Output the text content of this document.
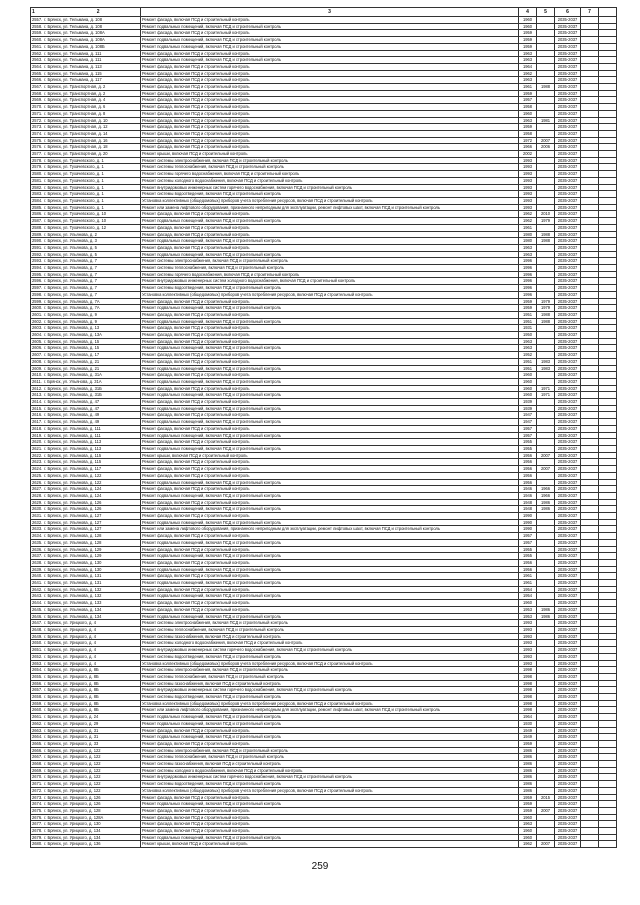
1 2	3	4	5	6	7	
2557. г. Брянск, ул. Тельмана, д. 108	Ремонт фасада, включая ПСД и строительный контроль	1960		2035-2037		
2558. г. Брянск, ул. Тельмана, д. 108	Ремонт подвальных помещений, включая ПСД и строительный контроль	1960		2035-2037		
2559. г. Брянск, ул. Тельмана, д. 108А	Ремонт фасада, включая ПСД и строительный контроль	1959		2035-2037		
2560. г. Брянск, ул. Тельмана, д. 108А	Ремонт подвальных помещений, включая ПСД и строительный контроль	1959		2035-2037		
2561. г. Брянск, ул. Тельмана, д. 108Б	Ремонт подвальных помещений, включая ПСД и строительный контроль	1959		2035-2037		
2562. г. Брянск, ул. Тельмана, д. 111	Ремонт фасада, включая ПСД и строительный контроль	1963		2035-2037		
2563. г. Брянск, ул. Тельмана, д. 111	Ремонт подвальных помещений, включая ПСД и строительный контроль	1963		2035-2037		
2564. г. Брянск, ул. Тельмана, д. 113	Ремонт фасада, включая ПСД и строительный контроль	1964		2035-2037		
2565. г. Брянск, ул. Тельмана, д. 115	Ремонт фасада, включая ПСД и строительный контроль	1962		2035-2037		
2566. г. Брянск, ул. Тельмана, д. 117	Ремонт фасада, включая ПСД и строительный контроль	1963		2035-2037		
2567. г. Брянск, ул. Транспортная, д. 2	Ремонт фасада, включая ПСД и строительный контроль	1961	1988	2035-2037		
2568. г. Брянск, ул. Транспортная, д. 2	Ремонт фасада, включая ПСД и строительный контроль	1959		2035-2037		
2569. г. Брянск, ул. Транспортная, д. 4	Ремонт фасада, включая ПСД и строительный контроль	1957		2035-2037		
2570. г. Брянск, ул. Транспортная, д. 6	Ремонт фасада, включая ПСД и строительный контроль	1958		2035-2037		
2571. г. Брянск, ул. Транспортная, д. 8	Ремонт фасада, включая ПСД и строительный контроль	1960		2035-2037		
2572. г. Брянск, ул. Транспортная, д. 10	Ремонт фасада, включая ПСД и строительный контроль	1963	1981	2035-2037		
2573. г. Брянск, ул. Транспортная, д. 12	Ремонт фасада, включая ПСД и строительный контроль	1959		2035-2037		
2574. г. Брянск, ул. Транспортная, д. 14	Ремонт фасада, включая ПСД и строительный контроль	1958		2035-2037		
2575. г. Брянск, ул. Транспортная, д. 16	Ремонт фасада, включая ПСД и строительный контроль	1972	2007	2035-2037		
2576. г. Брянск, ул. Транспортная, д. 18	Ремонт фасада, включая ПСД и строительный контроль	1966	2006	2035-2037		
2577. г. Брянск, ул. Транспортная, д. 20	Ремонт крыши, включая ПСД и строительный контроль	2002		2035-2037		
2578. г. Брянск, ул. Тухачевского, д. 1	Ремонт системы электроснабжения, включая ПСД и строительный контроль	1993		2035-2037		
2579. г. Брянск, ул. Тухачевского, д. 1	Ремонт системы теплоснабжения, включая ПСД и строительный контроль	1993		2035-2037		
2580. г. Брянск, ул. Тухачевского, д. 1	Ремонт системы горячего водоснабжения, включая ПСД и строительный контроль	1993		2035-2037		
2581. г. Брянск, ул. Тухачевского, д. 1	Ремонт системы холодного водоснабжения, включая ПСД и строительный контроль	1993		2035-2037		
2582. г. Брянск, ул. Тухачевского, д. 1	Ремонт внутридомовых инженерных систем горячего водоснабжения, включая ПСД и строительный контроль	1993		2035-2037		
2583. г. Брянск, ул. Тухачевского, д. 1	Ремонт системы водоотведения, включая ПСД и строительный контроль	1993		2035-2037		
2584. г. Брянск, ул. Тухачевского, д. 1	Установка коллективных (общедомовых) приборов учета потребления ресурсов, включая ПСД и строительный контроль	1993		2035-2037		
2585. г. Брянск, ул. Тухачевского, д. 1	Ремонт или замена лифтового оборудования, признанного непригодным для эксплуатации, ремонт лифтовых шахт, включая ПСД и строительный контроль	1993		2035-2037		
2586. г. Брянск, ул. Тухачевского, д. 10	Ремонт фасада, включая ПСД и строительный контроль	1962	2010	2035-2037		
2587. г. Брянск, ул. Тухачевского, д. 10	Ремонт подвальных помещений, включая ПСД и строительный контроль	1962	1979	2035-2037		
2588. г. Брянск, ул. Тухачевского, д. 12	Ремонт фасада, включая ПСД и строительный контроль	1961		2035-2037		
2589. г. Брянск, ул. Ульянова, д. 2	Ремонт фасада, включая ПСД и строительный контроль	1980	1988	2035-2037		
2590. г. Брянск, ул. Ульянова, д. 3	Ремонт подвальных помещений, включая ПСД и строительный контроль	1980	1988	2035-2037		
2591. г. Брянск, ул. Ульянова, д. 5	Ремонт фасада, включая ПСД и строительный контроль	1963		2035-2037		
2592. г. Брянск, ул. Ульянова, д. 5	Ремонт подвальных помещений, включая ПСД и строительный контроль	1963		2035-2037		
2593. г. Брянск, ул. Ульянова, д. 7	Ремонт системы электроснабжения, включая ПСД и строительный контроль	1996		2035-2037		
2594. г. Брянск, ул. Ульянова, д. 7	Ремонт системы теплоснабжения, включая ПСД и строительный контроль	1996		2035-2037		
2595. г. Брянск, ул. Ульянова, д. 7	Ремонт системы горячего водоснабжения, включая ПСД и строительный контроль	1996		2035-2037		
2596. г. Брянск, ул. Ульянова, д. 7	Ремонт внутридомовых инженерных систем холодного водоснабжения, включая ПСД и строительный контроль	1996		2035-2037		
2597. г. Брянск, ул. Ульянова, д. 7	Ремонт системы водоотведения, включая ПСД и строительный контроль	1996		2035-2037		
2598. г. Брянск, ул. Ульянова, д. 7	Установка коллективных (общедомовых) приборов учета потребления ресурсов, включая ПСД и строительный контроль	1996		2035-2037		
2599. г. Брянск, ул. Ульянова, д. 7А	Ремонт фасада, включая ПСД и строительный контроль	1959	1979	2035-2037		
2600. г. Брянск, ул. Ульянова, д. 7А	Ремонт подвальных помещений, включая ПСД и строительный контроль	1959	1979	2035-2037		
2601. г. Брянск, ул. Ульянова, д. 9	Ремонт фасада, включая ПСД и строительный контроль	1951	1988	2035-2037		
2602. г. Брянск, ул. Ульянова, д. 9	Ремонт подвальных помещений, включая ПСД и строительный контроль	1951	1988	2035-2037		
2603. г. Брянск, ул. Ульянова, д. 13	Ремонт фасада, включая ПСД и строительный контроль	1931		2035-2037		
2604. г. Брянск, ул. Ульянова, д. 13А	Ремонт фасада, включая ПСД и строительный контроль	1950		2035-2037		
2605. г. Брянск, ул. Ульянова, д. 15	Ремонт фасада, включая ПСД и строительный контроль	1963		2035-2037		
2606. г. Брянск, ул. Ульянова, д. 15	Ремонт подвальных помещений, включая ПСД и строительный контроль	1963		2035-2037		
2607. г. Брянск, ул. Ульянова, д. 17	Ремонт фасада, включая ПСД и строительный контроль	1952		2035-2037		
2608. г. Брянск, ул. Ульянова, д. 21	Ремонт фасада, включая ПСД и строительный контроль	1951	1983	2035-2037		
2609. г. Брянск, ул. Ульянова, д. 21	Ремонт подвальных помещений, включая ПСД и строительный контроль	1951	1983	2035-2037		
2610. г. Брянск, ул. Ульянова, д. 31А	Ремонт фасада, включая ПСД и строительный контроль	1960		2035-2037		
2611. г. Брянск, ул. Ульянова, д. 31А	Ремонт подвальных помещений, включая ПСД и строительный контроль	1960		2035-2037		
2612. г. Брянск, ул. Ульянова, д. 31Б	Ремонт фасада, включая ПСД и строительный контроль	1960	1971	2035-2037		
2613. г. Брянск, ул. Ульянова, д. 31Б	Ремонт подвальных помещений, включая ПСД и строительный контроль	1960	1971	2035-2037		
2614. г. Брянск, ул. Ульянова, д. 47	Ремонт фасада, включая ПСД и строительный контроль	1939		2035-2037		
2615. г. Брянск, ул. Ульянова, д. 47	Ремонт подвальных помещений, включая ПСД и строительный контроль	1939		2035-2037		
2616. г. Брянск, ул. Ульянова, д. 49	Ремонт фасада, включая ПСД и строительный контроль	1947		2035-2037		
2617. г. Брянск, ул. Ульянова, д. 49	Ремонт подвальных помещений, включая ПСД и строительный контроль	1947		2035-2037		
2618. г. Брянск, ул. Ульянова, д. 111	Ремонт фасада, включая ПСД и строительный контроль	1957		2035-2037		
2619. г. Брянск, ул. Ульянова, д. 111	Ремонт подвальных помещений, включая ПСД и строительный контроль	1957		2035-2037		
2620. г. Брянск, ул. Ульянова, д. 113	Ремонт фасада, включая ПСД и строительный контроль	1955		2035-2037		
2621. г. Брянск, ул. Ульянова, д. 113	Ремонт подвальных помещений, включая ПСД и строительный контроль	1955		2035-2037		
2622. г. Брянск, ул. Ульянова, д. 115	Ремонт крыши, включая ПСД и строительный контроль	1956	2007	2035-2037		
2623. г. Брянск, ул. Ульянова, д. 115	Ремонт фасада, включая ПСД и строительный контроль	1956		2035-2037		
2624. г. Брянск, ул. Ульянова, д. 117	Ремонт фасада, включая ПСД и строительный контроль	1956	2007	2035-2037		
2625. г. Брянск, ул. Ульянова, д. 122	Ремонт фасада, включая ПСД и строительный контроль	1956		2035-2037		
2626. г. Брянск, ул. Ульянова, д. 122	Ремонт подвальных помещений, включая ПСД и строительный контроль	1956		2035-2037		
2627. г. Брянск, ул. Ульянова, д. 124	Ремонт фасада, включая ПСД и строительный контроль	1946	1966	2035-2037		
2628. г. Брянск, ул. Ульянова, д. 124	Ремонт подвальных помещений, включая ПСД и строительный контроль	1946	1966	2035-2037		
2629. г. Брянск, ул. Ульянова, д. 126	Ремонт фасада, включая ПСД и строительный контроль	1948	1986	2035-2037		
2630. г. Брянск, ул. Ульянова, д. 126	Ремонт подвальных помещений, включая ПСД и строительный контроль	1948	1986	2035-2037		
2631. г. Брянск, ул. Ульянова, д. 127	Ремонт фасада, включая ПСД и строительный контроль	1990		2035-2037		
2632. г. Брянск, ул. Ульянова, д. 127	Ремонт подвальных помещений, включая ПСД и строительный контроль	1990		2035-2037		
2633. г. Брянск, ул. Ульянова, д. 127	Ремонт или замена лифтового оборудования, признанного непригодным для эксплуатации, ремонт лифтовых шахт, включая ПСД и строительный контроль	1990		2035-2037		
2634. г. Брянск, ул. Ульянова, д. 128	Ремонт фасада, включая ПСД и строительный контроль	1957		2035-2037		
2635. г. Брянск, ул. Ульянова, д. 128	Ремонт подвальных помещений, включая ПСД и строительный контроль	1957		2035-2037		
2636. г. Брянск, ул. Ульянова, д. 129	Ремонт фасада, включая ПСД и строительный контроль	1955		2035-2037		
2637. г. Брянск, ул. Ульянова, д. 129	Ремонт подвальных помещений, включая ПСД и строительный контроль	1955		2035-2037		
2638. г. Брянск, ул. Ульянова, д. 130	Ремонт фасада, включая ПСД и строительный контроль	1956		2035-2037		
2639. г. Брянск, ул. Ульянова, д. 130	Ремонт подвальных помещений, включая ПСД и строительный контроль	1956		2035-2037		
2640. г. Брянск, ул. Ульянова, д. 131	Ремонт фасада, включая ПСД и строительный контроль	1961		2035-2037		
2641. г. Брянск, ул. Ульянова, д. 131	Ремонт подвальных помещений, включая ПСД и строительный контроль	1961		2035-2037		
2642. г. Брянск, ул. Ульянова, д. 132	Ремонт фасада, включая ПСД и строительный контроль	1954		2035-2037		
2643. г. Брянск, ул. Ульянова, д. 132	Ремонт подвальных помещений, включая ПСД и строительный контроль	1954		2035-2037		
2644. г. Брянск, ул. Ульянова, д. 133	Ремонт фасада, включая ПСД и строительный контроль	1960		2035-2037		
2645. г. Брянск, ул. Ульянова, д. 134	Ремонт фасада, включая ПСД и строительный контроль	1953	1986	2035-2037		
2646. г. Брянск, ул. Ульянова, д. 134	Ремонт подвальных помещений, включая ПСД и строительный контроль	1953	1986	2035-2037		
2647. г. Брянск, ул. Урицкого, д. 4	Ремонт системы электроснабжения, включая ПСД и строительный контроль	1993		2035-2037		
2648. г. Брянск, ул. Урицкого, д. 4	Ремонт системы теплоснабжения, включая ПСД и строительный контроль	1993		2035-2037		
2649. г. Брянск, ул. Урицкого, д. 4	Ремонт системы газоснабжения, включая ПСД и строительный контроль	1993		2035-2037		
2650. г. Брянск, ул. Урицкого, д. 4	Ремонт системы холодного водоснабжения, включая ПСД и строительный контроль	1993		2035-2037		
2651. г. Брянск, ул. Урицкого, д. 4	Ремонт внутридомовых инженерных систем горячего водоснабжения, включая ПСД и строительный контроль	1993		2035-2037		
2652. г. Брянск, ул. Урицкого, д. 4	Ремонт системы водоотведения, включая ПСД и строительный контроль	1993		2035-2037		
2653. г. Брянск, ул. Урицкого, д. 4	Установка коллективных (общедомовых) приборов учета потребления ресурсов, включая ПСД и строительный контроль	1993		2035-2037		
2654. г. Брянск, ул. Урицкого, д. 8Б	Ремонт системы электроснабжения, включая ПСД и строительный контроль	1998		2035-2037		
2655. г. Брянск, ул. Урицкого, д. 8Б	Ремонт системы теплоснабжения, включая ПСД и строительный контроль	1998		2035-2037		
2656. г. Брянск, ул. Урицкого, д. 8Б	Ремонт системы газоснабжения, включая ПСД и строительный контроль	1998		2035-2037		
2657. г. Брянск, ул. Урицкого, д. 8Б	Ремонт внутридомовых инженерных систем горячего водоснабжения, включая ПСД и строительный контроль	1998		2035-2037		
2658. г. Брянск, ул. Урицкого, д. 8Б	Ремонт системы водоотведения, включая ПСД и строительный контроль	1998		2035-2037		
2659. г. Брянск, ул. Урицкого, д. 8Б	Установка коллективных (общедомовых) приборов учета потребления ресурсов, включая ПСД и строительный контроль	1998		2035-2037		
2660. г. Брянск, ул. Урицкого, д. 8Б	Ремонт или замена лифтового оборудования, признанного непригодным для эксплуатации, ремонт лифтовых шахт, включая ПСД и строительный контроль	1998		2035-2037		
2661. г. Брянск, ул. Урицкого, д. 24	Ремонт подвальных помещений, включая ПСД и строительный контроль	1964		2035-2037		
2662. г. Брянск, ул. Урицкого, д. 29	Ремонт подвальных помещений, включая ПСД и строительный контроль	1930		2035-2037		
2663. г. Брянск, ул. Урицкого, д. 31	Ремонт фасада, включая ПСД и строительный контроль	1949		2035-2037		
2664. г. Брянск, ул. Урицкого, д. 31	Ремонт подвальных помещений, включая ПСД и строительный контроль	1949		2035-2037		
2665. г. Брянск, ул. Урицкого, д. 33	Ремонт фасада, включая ПСД и строительный контроль	1959		2035-2037		
2666. г. Брянск, ул. Урицкого, д. 122	Ремонт системы электроснабжения, включая ПСД и строительный контроль	1986		2035-2037		
2667. г. Брянск, ул. Урицкого, д. 122	Ремонт системы теплоснабжения, включая ПСД и строительный контроль	1986		2035-2037		
2668. г. Брянск, ул. Урицкого, д. 122	Ремонт системы газоснабжения, включая ПСД и строительный контроль	1986		2035-2037		
2669. г. Брянск, ул. Урицкого, д. 122	Ремонт системы холодного водоснабжения, включая ПСД и строительный контроль	1986		2035-2037		
2670. г. Брянск, ул. Урицкого, д. 122	Ремонт внутридомовых инженерных систем горячего водоснабжения, включая ПСД и строительный контроль	1986		2035-2037		
2671. г. Брянск, ул. Урицкого, д. 122	Ремонт системы водоотведения, включая ПСД и строительный контроль	1986		2035-2037		
2672. г. Брянск, ул. Урицкого, д. 122	Установка коллективных (общедомовых) приборов учета потребления ресурсов, включая ПСД и строительный контроль	1986		2035-2037		
2673. г. Брянск, ул. Урицкого, д. 126	Ремонт фасада, включая ПСД и строительный контроль	1959	2015	2035-2037		
2674. г. Брянск, ул. Урицкого, д. 126	Ремонт подвальных помещений, включая ПСД и строительный контроль	1959		2035-2037		
2675. г. Брянск, ул. Урицкого, д. 128	Ремонт фасада, включая ПСД и строительный контроль	1959	2007	2035-2037		
2676. г. Брянск, ул. Урицкого, д. 128А	Ремонт фасада, включая ПСД и строительный контроль	1960		2035-2037		
2677. г. Брянск, ул. Урицкого, д. 130	Ремонт фасада, включая ПСД и строительный контроль	1963		2035-2037		
2678. г. Брянск, ул. Урицкого, д. 134	Ремонт фасада, включая ПСД и строительный контроль	1960		2035-2037		
2679. г. Брянск, ул. Урицкого, д. 134	Ремонт подвальных помещений, включая ПСД и строительный контроль	1960		2035-2037		
2680. г. Брянск, ул. Урицкого, д. 136	Ремонт крыши, включая ПСД и строительный контроль	1962	2007	2035-2037		
259
